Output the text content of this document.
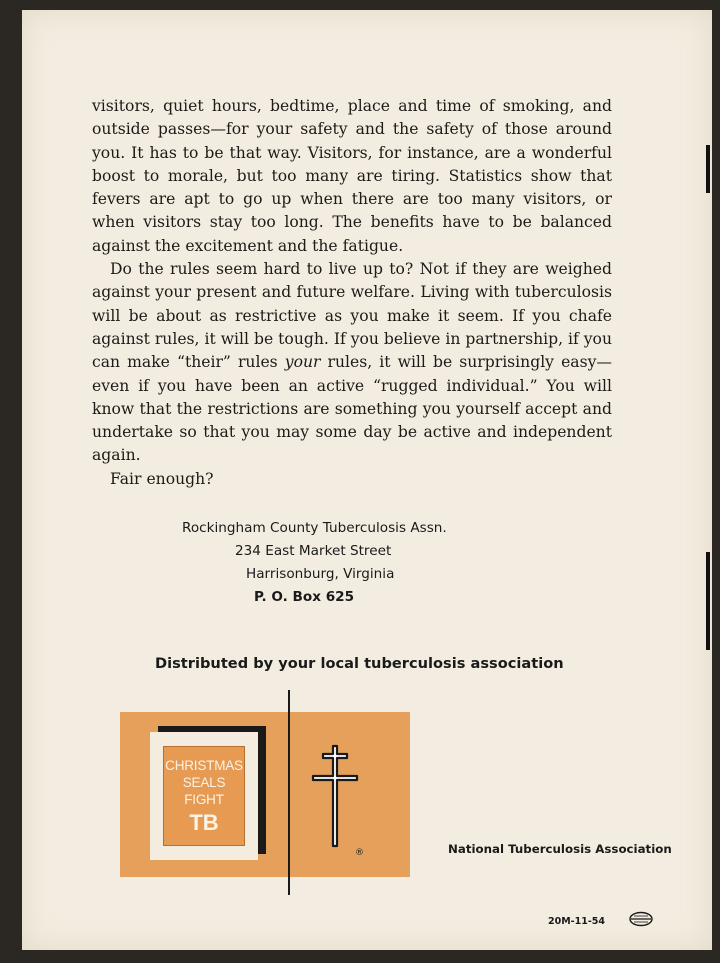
visitors, quiet hours, bedtime, place and time of smoking, and outside passes—for your safety and the safety of those around you. It has to be that way. Visitors, for instance, are a wonderful boost to morale, but too many are tiring. Statistics show that fevers are apt to go up when there are too many visitors, or when visitors stay too long. The benefits have to be balanced against the excitement and the fatigue.

Do the rules seem hard to live up to? Not if they are weighed against your present and future welfare. Living with tuberculosis will be about as restrictive as you make it seem. If you chafe against rules, it will be tough. If you believe in partnership, if you can make “their” rules your rules, it will be surprisingly easy—even if you have been an active “rugged individual.” You will know that the restrictions are something you yourself accept and undertake so that you may some day be active and independent again.

Fair enough?

Rockingham County Tuberculosis Assn.
234 East Market Street
Harrisonburg, Virginia
P. O. Box 625
Distributed by your local tuberculosis association
CHRISTMAS
SEALS
FIGHT
TB
®	National Tuberculosis Association
20M-11-54
